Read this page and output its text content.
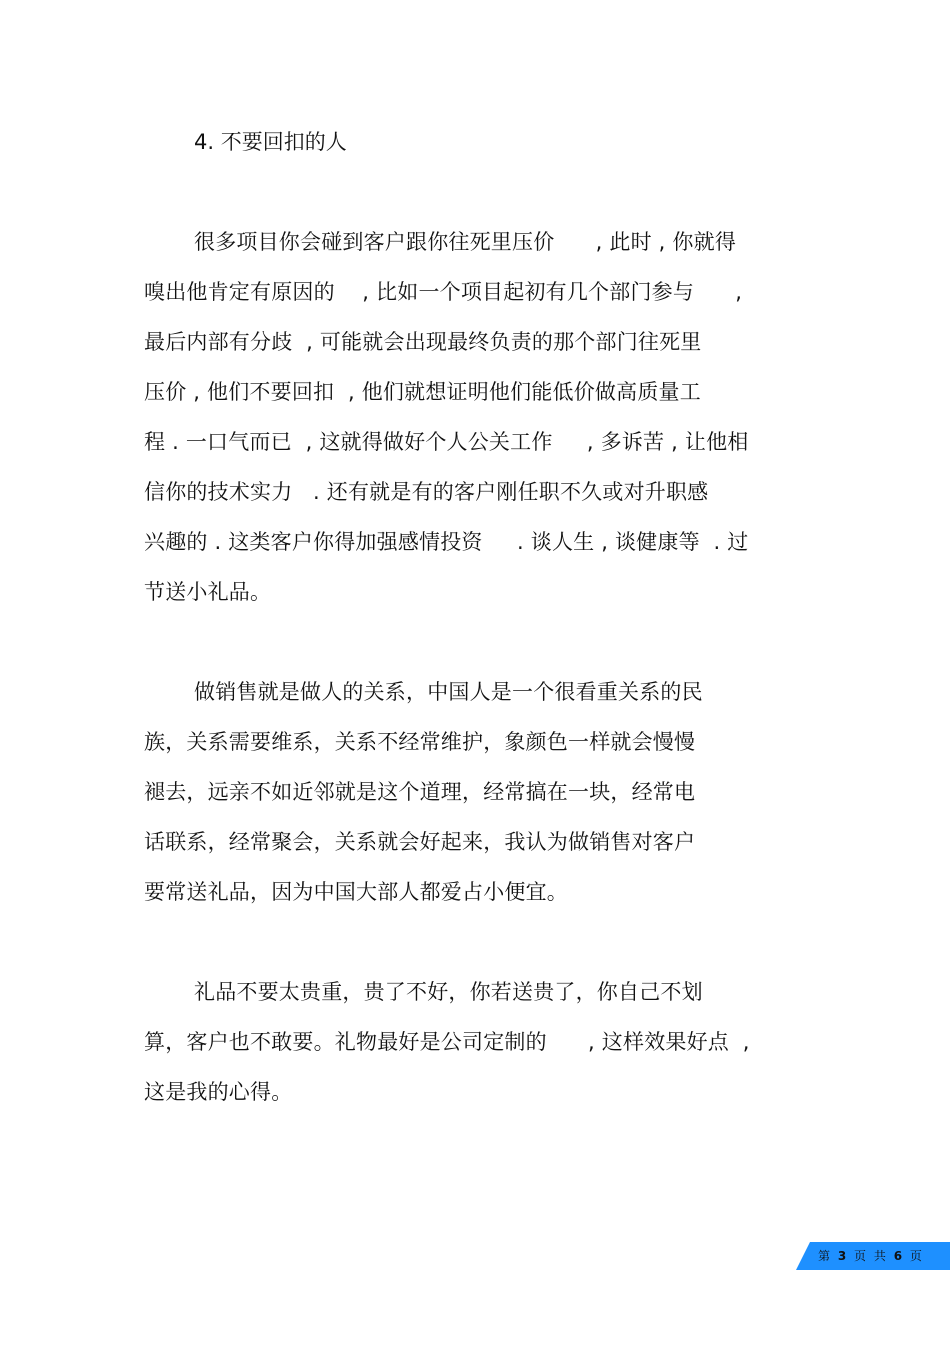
4. 不要回扣的人
很多项目你会碰到客户跟你往死里压价      , 此时 , 你就得
嗅出他肯定有原因的    , 比如一个项目起初有几个部门参与      ,
最后内部有分歧  , 可能就会出现最终负责的那个部门往死里
压价 , 他们不要回扣  , 他们就想证明他们能低价做高质量工
程 . 一口气而已  , 这就得做好个人公关工作     , 多诉苦 , 让他相
信你的技术实力   . 还有就是有的客户刚任职不久或对升职感
兴趣的 . 这类客户你得加强感情投资     . 谈人生 , 谈健康等  . 过
节送小礼品。
做销售就是做人的关系，中国人是一个很看重关系的民
族，关系需要维系，关系不经常维护，象颜色一样就会慢慢
褪去，远亲不如近邻就是这个道理，经常搞在一块，经常电
话联系，经常聚会，关系就会好起来，我认为做销售对客户
要常送礼品，因为中国大部人都爱占小便宜。
礼品不要太贵重，贵了不好，你若送贵了，你自己不划
算，客户也不敢要。礼物最好是公司定制的      , 这样效果好点  ,
这是我的心得。
第 3 页 共 6 页
